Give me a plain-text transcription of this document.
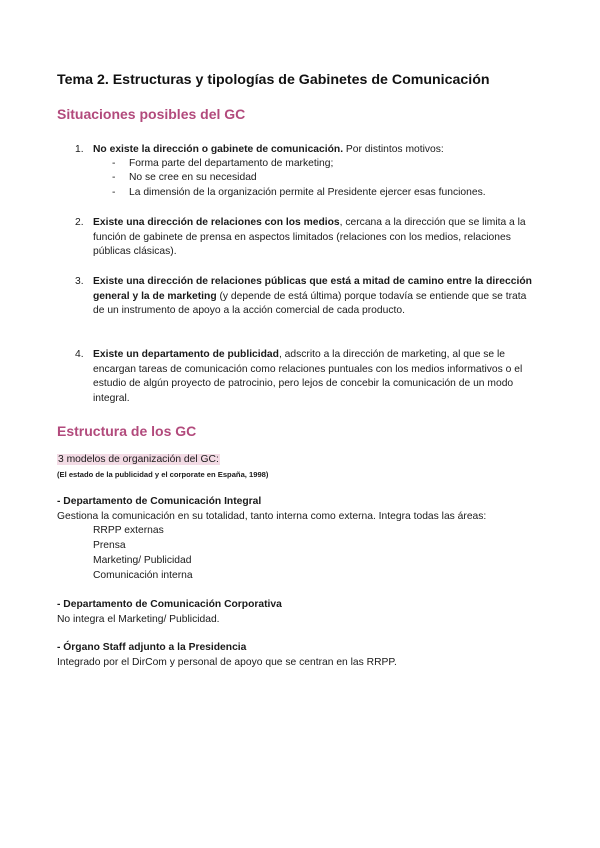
Tema 2. Estructuras y tipologías de Gabinetes de Comunicación
Situaciones posibles del GC
1. No existe la dirección o gabinete de comunicación. Por distintos motivos:
- Forma parte del departamento de marketing;
- No se cree en su necesidad
- La dimensión de la organización permite al Presidente ejercer esas funciones.
2. Existe una dirección de relaciones con los medios, cercana a la dirección que se limita a la función de gabinete de prensa en aspectos limitados (relaciones con los medios, relaciones públicas clásicas).
3. Existe una dirección de relaciones públicas que está a mitad de camino entre la dirección general y la de marketing (y depende de está última) porque todavía se entiende que se trata de un instrumento de apoyo a la acción comercial de cada producto.
4. Existe un departamento de publicidad, adscrito a la dirección de marketing, al que se le encargan tareas de comunicación como relaciones puntuales con los medios informativos o el estudio de algún proyecto de patrocinio, pero lejos de concebir la comunicación de un modo integral.
Estructura de los GC
3 modelos de organización del GC:
(El estado de la publicidad y el corporate en España, 1998)
- Departamento de Comunicación Integral
Gestiona la comunicación en su totalidad, tanto interna como externa. Integra todas las áreas:
RRPP externas
Prensa
Marketing/ Publicidad
Comunicación interna
- Departamento de Comunicación Corporativa
No integra el Marketing/ Publicidad.
- Órgano Staff adjunto a la Presidencia
Integrado por el DirCom y personal de apoyo que se centran en las RRPP.
